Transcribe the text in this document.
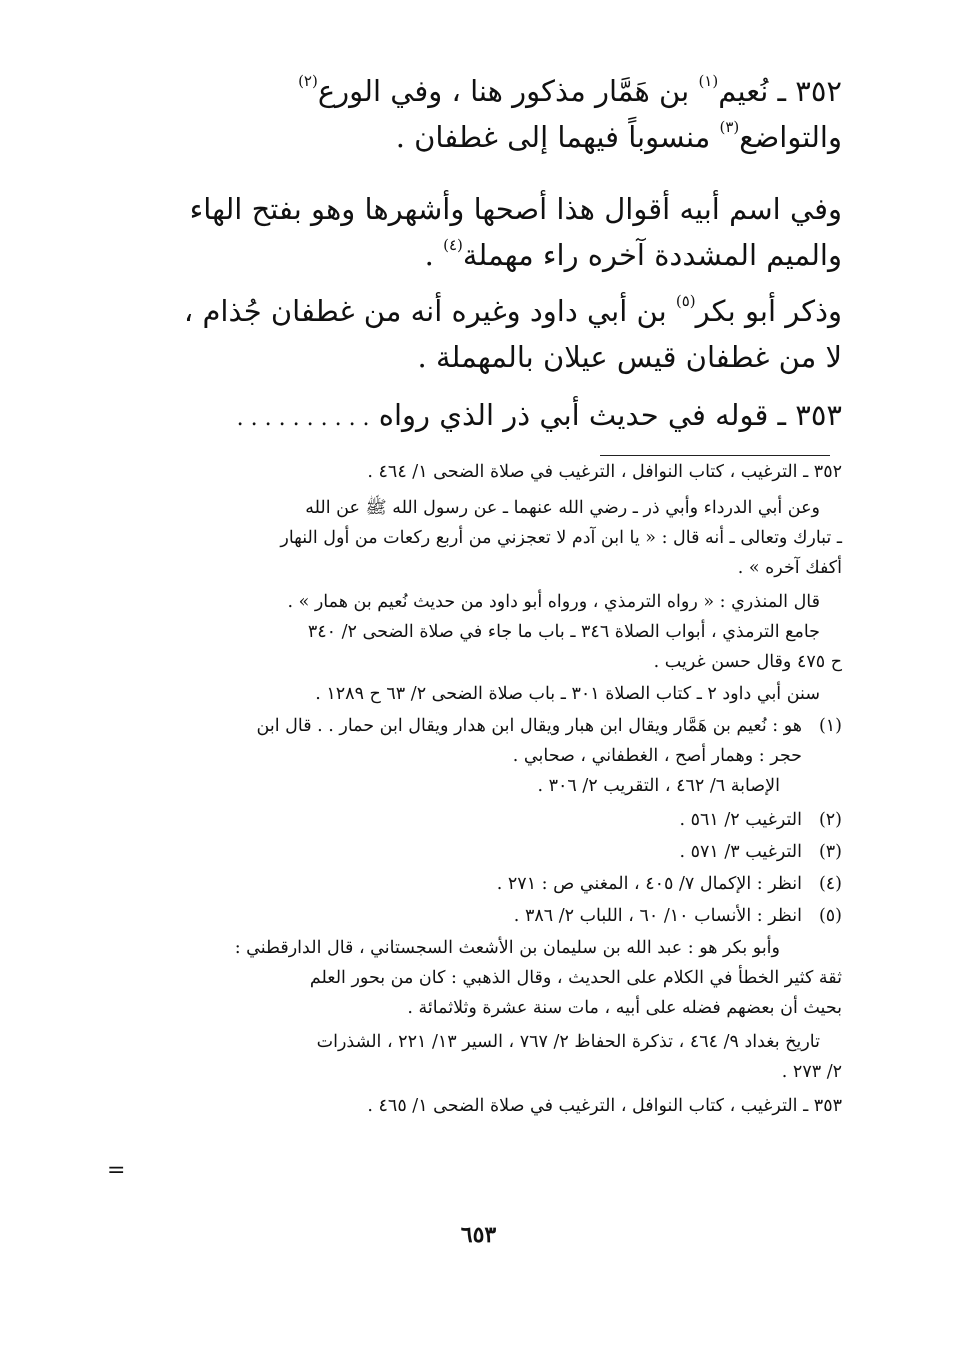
٣٥٢ ـ نُعيم$^{(١)}$ بن هَمَّار مذكور هنا ، وفي الورع$^{(٢)}$

والتواضع$^{(٣)}$ منسوباً فيهما إلى غطفان .

وفي اسم أبيه أقوال هذا أصحها وأشهرها وهو بفتح الهاء

والميم المشددة آخره راء مهملة$^{(٤)}$ .

وذكر أبو بكر$^{(٥)}$ بن أبي داود وغيره أنه من غطفان جُذام ،

لا من غطفان قيس عيلان بالمهملة .

٣٥٣ ـ قوله في حديث أبي ذر الذي رواه . . . . . . . . . .

٣٥٢ ـ الترغيب ، كتاب النوافل ، الترغيب في صلاة الضحى ١/ ٤٦٤ .
وعن أبي الدرداء وأبي ذر ـ رضي الله عنهما ـ عن رسول الله ﷺ عن الله
ـ تبارك وتعالى ـ أنه قال : « يا ابن آدم لا تعجزني من أربع ركعات من أول النهار
أكفك آخره » .
قال المنذري : « رواه الترمذي ، ورواه أبو داود من حديث نُعيم بن همار » .
جامع الترمذي ، أبواب الصلاة ٣٤٦ ـ باب ما جاء في صلاة الضحى ٢/ ٣٤٠
ح ٤٧٥ وقال حسن غريب .
سنن أبي داود ٢ ـ كتاب الصلاة ٣٠١ ـ باب صلاة الضحى ٢/ ٦٣ ح ١٢٨٩ .
(١)هو : نُعيم بن هَمَّار ويقال ابن هبار ويقال ابن هدار ويقال ابن حمار . . قال ابن
حجر : وهمار أصح ، الغطفاني ، صحابي .
الإصابة ٦/ ٤٦٢ ، التقريب ٢/ ٣٠٦ .
(٢)الترغيب ٢/ ٥٦١ .
(٣)الترغيب ٣/ ٥٧١ .
(٤)انظر : الإكمال ٧/ ٤٠٥ ، المغني ص : ٢٧١ .
(٥)انظر : الأنساب ١٠/ ٦٠ ، اللباب ٢/ ٣٨٦ .
وأبو بكر هو : عبد الله بن سليمان بن الأشعث السجستاني ، قال الدارقطني :
ثقة كثير الخطأ في الكلام على الحديث ، وقال الذهبي : كان من بحور العلم
بحيث أن بعضهم فضله على أبيه ، مات سنة عشرة وثلاثمائة .
تاريخ بغداد ٩/ ٤٦٤ ، تذكرة الحفاظ ٢/ ٧٦٧ ، السير ١٣/ ٢٢١ ، الشذرات
٢/ ٢٧٣ .
٣٥٣ ـ الترغيب ، كتاب النوافل ، الترغيب في صلاة الضحى ١/ ٤٦٥ .
=
٦٥٣
